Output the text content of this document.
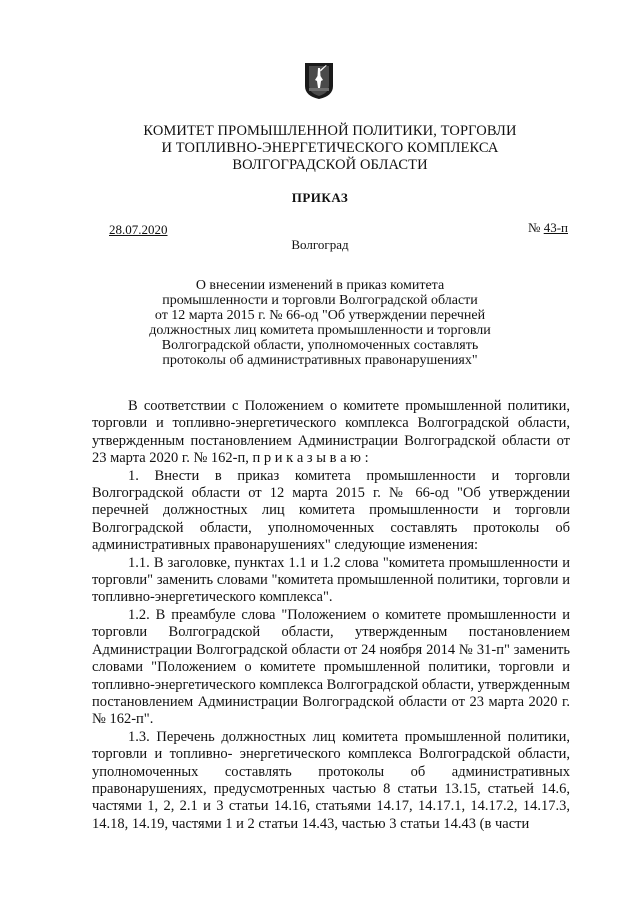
КОМИТЕТ ПРОМЫШЛЕННОЙ ПОЛИТИКИ, ТОРГОВЛИ
И ТОПЛИВНО-ЭНЕРГЕТИЧЕСКОГО КОМПЛЕКСА
ВОЛГОГРАДСКОЙ ОБЛАСТИ
ПРИКАЗ
28.07.2020	№ 43-п
Волгоград
О внесении изменений в приказ комитета
промышленности и торговли Волгоградской области
от 12 марта 2015 г. № 66-од "Об утверждении перечней
должностных лиц комитета промышленности и торговли
Волгоградской области, уполномоченных составлять
протоколы об административных правонарушениях"

В соответствии с Положением о комитете промышленной политики, торговли и топливно-энергетического комплекса Волгоградской области, утвержденным постановлением Администрации Волгоградской области от 23 марта 2020 г. № 162-п, п р и к а з ы в а ю :

1. Внести в приказ комитета промышленности и торговли Волгоградской области от 12 марта 2015 г. № 66-од "Об утверждении перечней должностных лиц комитета промышленности и торговли Волгоградской области, уполномоченных составлять протоколы об административных правонарушениях" следующие изменения:

1.1. В заголовке, пунктах 1.1 и 1.2 слова "комитета промышленности и торговли" заменить словами "комитета промышленной политики, торговли и топливно-энергетического комплекса".

1.2. В преамбуле слова "Положением о комитете промышленности и торговли Волгоградской области, утвержденным постановлением Администрации Волгоградской области от 24 ноября 2014 № 31-п" заменить словами "Положением о комитете промышленной политики, торговли и топливно-энергетического комплекса Волгоградской области, утвержденным постановлением Администрации Волгоградской области от 23 марта 2020 г. № 162-п".

1.3. Перечень должностных лиц комитета промышленной политики, торговли и топливно- энергетического комплекса Волгоградской области, уполномоченных составлять протоколы об административных правонарушениях, предусмотренных частью 8 статьи 13.15, статьей 14.6, частями 1, 2, 2.1 и 3 статьи 14.16, статьями 14.17, 14.17.1, 14.17.2, 14.17.3, 14.18, 14.19, частями 1 и 2 статьи 14.43, частью 3 статьи 14.43 (в части
